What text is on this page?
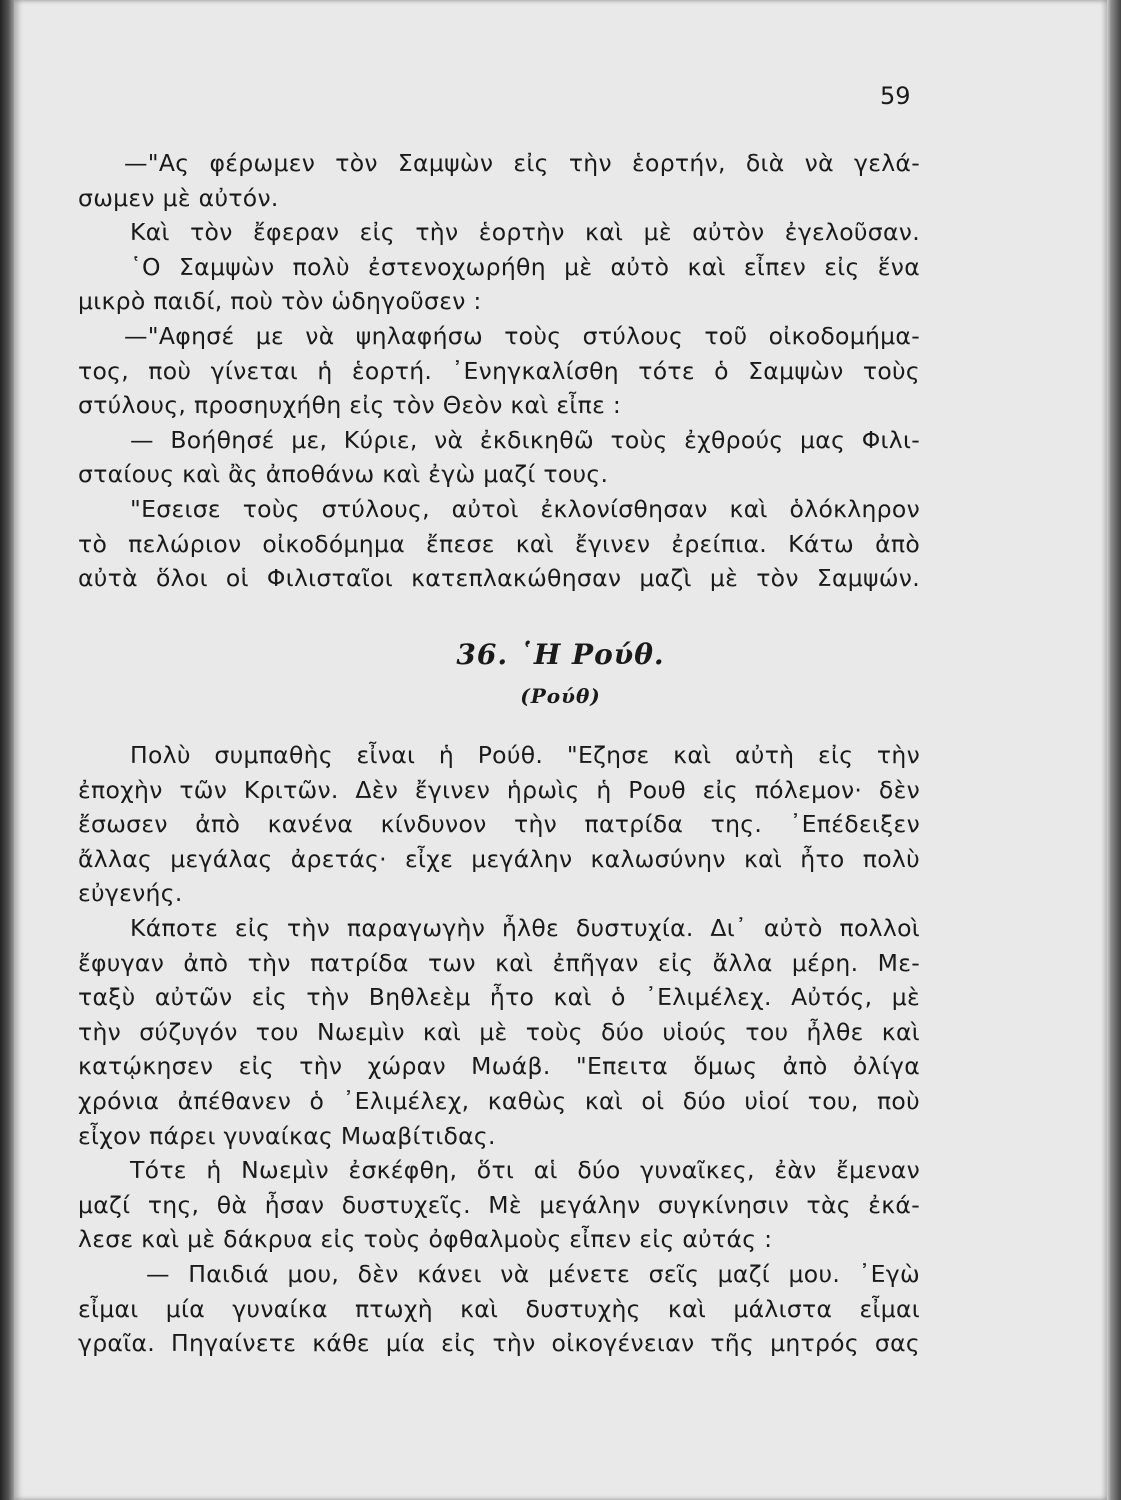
59
—"Ας φέρωμεν τὸν Σαμψὼν εἰς τὴν ἑορτήν, διὰ νὰ γελά-
σωμεν μὲ αὐτόν.
Καὶ τὸν ἔφεραν εἰς τὴν ἑορτὴν καὶ μὲ αὐτὸν ἐγελοῦσαν.
῾Ο Σαμψὼν πολὺ ἐστενοχωρήθη μὲ αὐτὸ καὶ εἶπεν εἰς ἕνα
μικρὸ παιδί, ποὺ τὸν ὡδηγοῦσεν :
—"Αφησέ με νὰ ψηλαφήσω τοὺς στύλους τοῦ οἰκοδομήμα-
τος, ποὺ γίνεται ἡ ἑορτή. ᾿Ενηγκαλίσθη τότε ὁ Σαμψὼν τοὺς
στύλους, προσηυχήθη εἰς τὸν Θεὸν καὶ εἶπε :
— Βοήθησέ με, Κύριε, νὰ ἐκδικηθῶ τοὺς ἐχθρούς μας Φιλι-
σταίους καὶ ἂς ἀποθάνω καὶ ἐγὼ μαζί τους.
"Εσεισε τοὺς στύλους, αὐτοὶ ἐκλονίσθησαν καὶ ὁλόκληρον
τὸ πελώριον οἰκοδόμημα ἔπεσε καὶ ἔγινεν ἐρείπια. Κάτω ἀπὸ
αὐτὰ ὅλοι οἱ Φιλισταῖοι κατεπλακώθησαν μαζὶ μὲ τὸν Σαμψών.
36. ῾Η Ρούθ.
(Ρούθ)
Πολὺ συμπαθὴς εἶναι ἡ Ρούθ. "Εζησε καὶ αὐτὴ εἰς τὴν
ἐποχὴν τῶν Κριτῶν. Δὲν ἔγινεν ἡρωὶς ἡ Ρουθ εἰς πόλεμον· δὲν
ἔσωσεν ἀπὸ κανένα κίνδυνον τὴν πατρίδα της. ᾿Επέδειξεν
ἄλλας μεγάλας ἀρετάς· εἶχε μεγάλην καλωσύνην καὶ ἦτο πολὺ
εὐγενής.
Κάποτε εἰς τὴν παραγωγὴν ἦλθε δυστυχία. Δι᾿ αὐτὸ πολλοὶ
ἔφυγαν ἀπὸ τὴν πατρίδα των καὶ ἐπῆγαν εἰς ἄλλα μέρη. Με-
ταξὺ αὐτῶν εἰς τὴν Βηθλεὲμ ἦτο καὶ ὁ ᾿Ελιμέλεχ. Αὐτός, μὲ
τὴν σύζυγόν του Νωεμὶν καὶ μὲ τοὺς δύο υἱούς του ἦλθε καὶ
κατῴκησεν εἰς τὴν χώραν Μωάβ. "Επειτα ὅμως ἀπὸ ὀλίγα
χρόνια ἀπέθανεν ὁ ᾿Ελιμέλεχ, καθὼς καὶ οἱ δύο υἱοί του, ποὺ
εἶχον πάρει γυναίκας Μωαβίτιδας.
Τότε ἡ Νωεμὶν ἐσκέφθη, ὅτι αἱ δύο γυναῖκες, ἐὰν ἔμεναν
μαζί της, θὰ ἦσαν δυστυχεῖς. Μὲ μεγάλην συγκίνησιν τὰς ἐκά-
λεσε καὶ μὲ δάκρυα εἰς τοὺς ὀφθαλμοὺς εἶπεν εἰς αὐτάς :
— Παιδιά μου, δὲν κάνει νὰ μένετε σεῖς μαζί μου. ᾿Εγὼ
εἶμαι μία γυναίκα πτωχὴ καὶ δυστυχὴς καὶ μάλιστα εἶμαι
γραῖα. Πηγαίνετε κάθε μία εἰς τὴν οἰκογένειαν τῆς μητρός σας
